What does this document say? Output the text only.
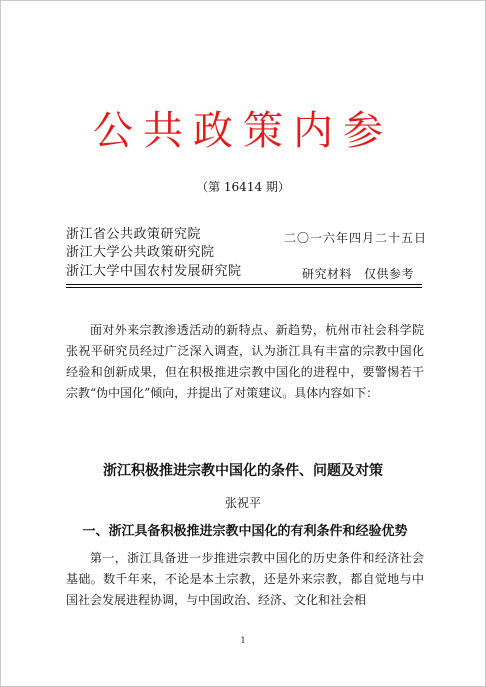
公共政策内参
（第 16414 期）
浙江省公共政策研究院
浙江大学公共政策研究院
浙江大学中国农村发展研究院
二〇一六年四月二十五日
研究材料 仅供参考
面对外来宗教渗透活动的新特点、新趋势，杭州市社会科学院张祝平研究员经过广泛深入调查，认为浙江具有丰富的宗教中国化经验和创新成果，但在积极推进宗教中国化的进程中，要警惕若干宗教“伪中国化”倾向，并提出了对策建议。具体内容如下：
浙江积极推进宗教中国化的条件、问题及对策
张祝平
一、浙江具备积极推进宗教中国化的有利条件和经验优势
第一，浙江具备进一步推进宗教中国化的历史条件和经济社会基础。数千年来，不论是本土宗教，还是外来宗教，都自觉地与中国社会发展进程协调，与中国政治、经济、文化和社会相
1
